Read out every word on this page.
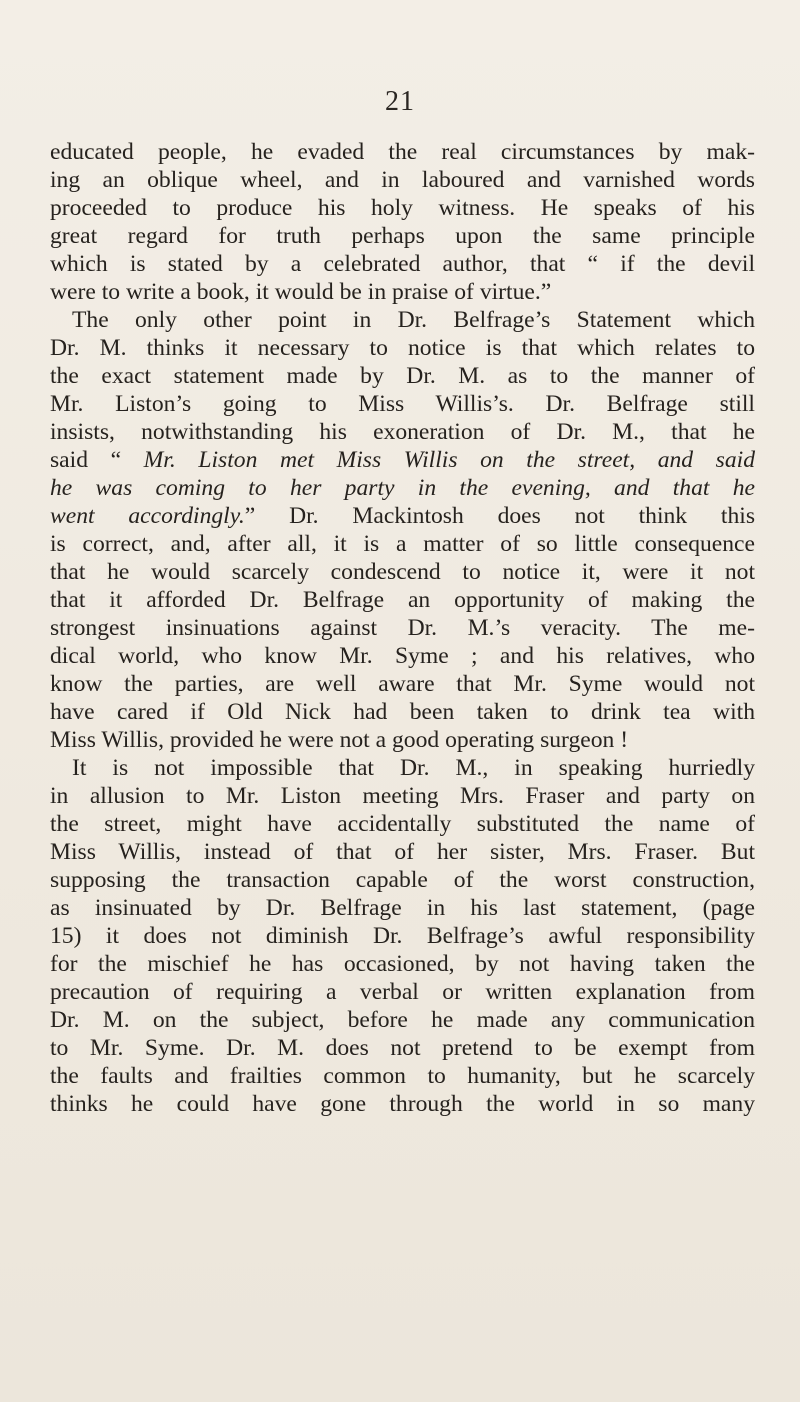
21
educated people, he evaded the real circumstances by mak-
ing an oblique wheel, and in laboured and varnished words
proceeded to produce his holy witness. He speaks of his
great regard for truth perhaps upon the same principle
which is stated by a celebrated author, that “ if the devil
were to write a book, it would be in praise of virtue.”
The only other point in Dr. Belfrage’s Statement which
Dr. M. thinks it necessary to notice is that which relates to
the exact statement made by Dr. M. as to the manner of
Mr. Liston’s going to Miss Willis’s. Dr. Belfrage still
insists, notwithstanding his exoneration of Dr. M., that he
said “ Mr. Liston met Miss Willis on the street, and said
he was coming to her party in the evening, and that he
went accordingly.” Dr. Mackintosh does not think this
is correct, and, after all, it is a matter of so little consequence
that he would scarcely condescend to notice it, were it not
that it afforded Dr. Belfrage an opportunity of making the
strongest insinuations against Dr. M.’s veracity. The me-
dical world, who know Mr. Syme ; and his relatives, who
know the parties, are well aware that Mr. Syme would not
have cared if Old Nick had been taken to drink tea with
Miss Willis, provided he were not a good operating surgeon !
It is not impossible that Dr. M., in speaking hurriedly
in allusion to Mr. Liston meeting Mrs. Fraser and party on
the street, might have accidentally substituted the name of
Miss Willis, instead of that of her sister, Mrs. Fraser. But
supposing the transaction capable of the worst construction,
as insinuated by Dr. Belfrage in his last statement, (page
15) it does not diminish Dr. Belfrage’s awful responsibility
for the mischief he has occasioned, by not having taken the
precaution of requiring a verbal or written explanation from
Dr. M. on the subject, before he made any communication
to Mr. Syme. Dr. M. does not pretend to be exempt from
the faults and frailties common to humanity, but he scarcely
thinks he could have gone through the world in so many
